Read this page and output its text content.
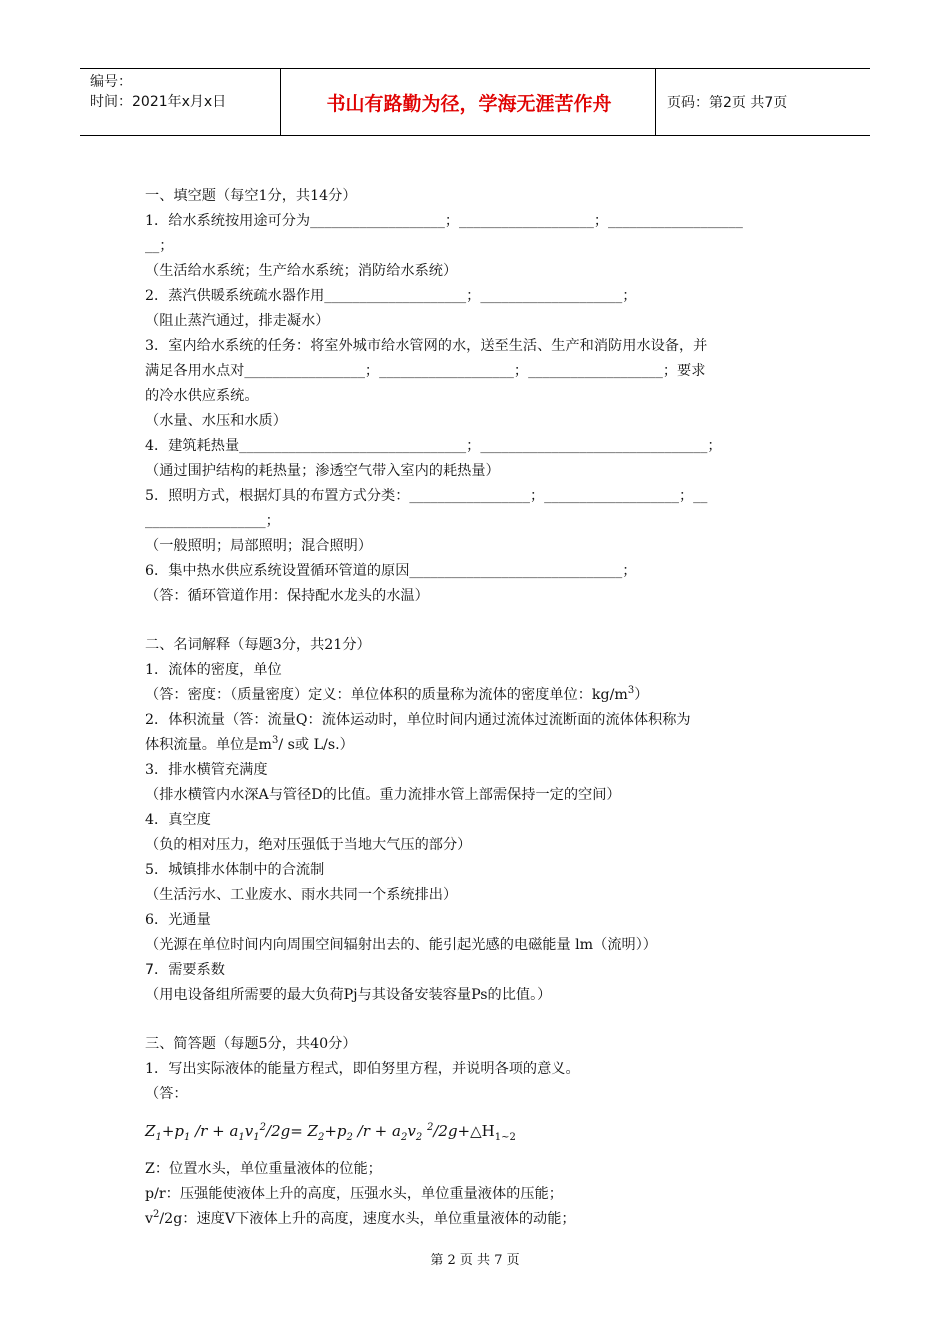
编号：
时间：2021年x月x日	书山有路勤为径，学海无涯苦作舟	页码：第2页 共7页
一、填空题（每空1分，共14分）
1．给水系统按用途可分为___________________；___________________；___________________
__；
（生活给水系统；生产给水系统；消防给水系统）
2．蒸汽供暖系统疏水器作用____________________；____________________；
（阻止蒸汽通过，排走凝水）
3．室内给水系统的任务：将室外城市给水管网的水，送至生活、生产和消防用水设备，并
满足各用水点对_________________；___________________；___________________；要求
的冷水供应系统。
（水量、水压和水质）
4．建筑耗热量________________________________；________________________________；
（通过围护结构的耗热量；渗透空气带入室内的耗热量）
5．照明方式，根据灯具的布置方式分类：_________________；___________________；__
_________________；
（一般照明；局部照明；混合照明）
6．集中热水供应系统设置循环管道的原因______________________________；
（答：循环管道作用：保持配水龙头的水温）
二、名词解释（每题3分，共21分）
1．流体的密度，单位
（答：密度：（质量密度）定义：单位体积的质量称为流体的密度单位：$kg/m^3$）
2．体积流量（答：流量Q：流体运动时，单位时间内通过流体过流断面的流体体积称为
体积流量。单位是$m^3/$ s或 L/s.）
3．排水横管充满度
（排水横管内水深A与管径D的比值。重力流排水管上部需保持一定的空间）
4．真空度
（负的相对压力，绝对压强低于当地大气压的部分）
5．城镇排水体制中的合流制
（生活污水、工业废水、雨水共同一个系统排出）
6．光通量
（光源在单位时间内向周围空间辐射出去的、能引起光感的电磁能量 lm（流明））
7．需要系数
（用电设备组所需要的最大负荷Pj与其设备安装容量Ps的比值。）
三、简答题（每题5分，共40分）
1．写出实际液体的能量方程式，即伯努里方程，并说明各项的意义。
（答：
$Z_1+p_1$ $/r + a_1v_1^2/2g= Z_2+p_2$ $/r + a_2v_2$ $^2/2g+\triangle H_{1\sim 2}$
Z：位置水头，单位重量液体的位能；
p/r：压强能使液体上升的高度，压强水头，单位重量液体的压能；
$v^2/2g$：速度V下液体上升的高度，速度水头，单位重量液体的动能；
第 2 页 共 7 页
